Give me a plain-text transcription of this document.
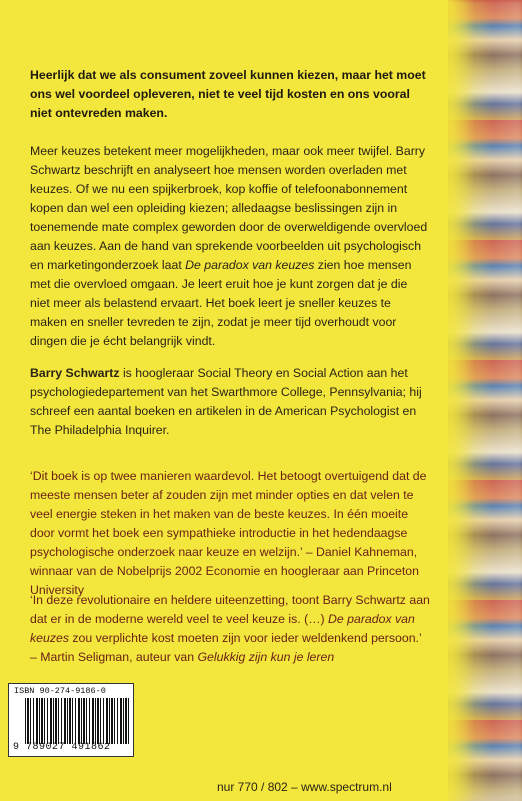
Heerlijk dat we als consument zoveel kunnen kiezen, maar het moet ons wel voordeel opleveren, niet te veel tijd kosten en ons vooral niet ontevreden maken.

Meer keuzes betekent meer mogelijkheden, maar ook meer twijfel. Barry Schwartz beschrijft en analyseert hoe mensen worden overladen met keuzes. Of we nu een spijkerbroek, kop koffie of telefoonabonnement kopen dan wel een opleiding kiezen; alledaagse beslissingen zijn in toenemende mate complex geworden door de overweldigende overvloed aan keuzes. Aan de hand van sprekende voorbeelden uit psychologisch en marketingonderzoek laat De paradox van keuzes zien hoe mensen met die overvloed omgaan. Je leert eruit hoe je kunt zorgen dat je die niet meer als belastend ervaart. Het boek leert je sneller keuzes te maken en sneller tevreden te zijn, zodat je meer tijd overhoudt voor dingen die je écht belangrijk vindt.

Barry Schwartz is hoogleraar Social Theory en Social Action aan het psychologiedepartement van het Swarthmore College, Pennsylvania; hij schreef een aantal boeken en artikelen in de American Psychologist en The Philadelphia Inquirer.

‘Dit boek is op twee manieren waardevol. Het betoogt overtuigend dat de meeste mensen beter af zouden zijn met minder opties en dat velen te veel energie steken in het maken van de beste keuzes. In één moeite door vormt het boek een sympathieke introductie in het hedendaagse psychologische onderzoek naar keuze en welzijn.’ – Daniel Kahneman, winnaar van de Nobelprijs 2002 Economie en hoogleraar aan Princeton University

‘In deze revolutionaire en heldere uiteenzetting, toont Barry Schwartz aan dat er in de moderne wereld veel te veel keuze is. (…) De paradox van keuzes zou verplichte kost moeten zijn voor ieder weldenkend persoon.’ – Martin Seligman, auteur van Gelukkig zijn kun je leren

ISBN 90-274-9186-0
9 789027 491862
nur 770 / 802 – www.spectrum.nl
